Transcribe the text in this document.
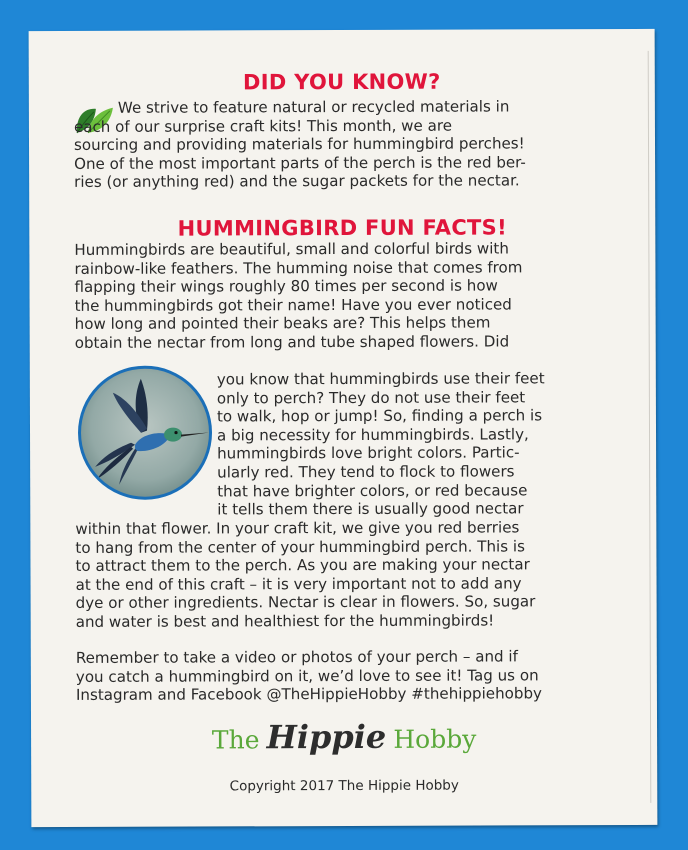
DID YOU KNOW?

We strive to feature natural or recycled materials in
each of our surprise craft kits! This month, we are
sourcing and providing materials for hummingbird perches!
One of the most important parts of the perch is the red ber-
ries (or anything red) and the sugar packets for the nectar.

HUMMINGBIRD FUN FACTS!

Hummingbirds are beautiful, small and colorful birds with
rainbow-like feathers. The humming noise that comes from
flapping their wings roughly 80 times per second is how
the hummingbirds got their name! Have you ever noticed
how long and pointed their beaks are? This helps them
obtain the nectar from long and tube shaped flowers. Did

you know that hummingbirds use their feet
only to perch? They do not use their feet
to walk, hop or jump! So, finding a perch is
a big necessity for hummingbirds. Lastly,
hummingbirds love bright colors. Partic-
ularly red. They tend to flock to flowers
that have brighter colors, or red because
it tells them there is usually good nectar

within that flower. In your craft kit, we give you red berries
to hang from the center of your hummingbird perch. This is
to attract them to the perch. As you are making your nectar
at the end of this craft – it is very important not to add any
dye or other ingredients. Nectar is clear in flowers. So, sugar
and water is best and healthiest for the hummingbirds!

Remember to take a video or photos of your perch – and if
you catch a hummingbird on it, we’d love to see it! Tag us on
Instagram and Facebook @TheHippieHobby #thehippiehobby

The Hippie Hobby
Copyright 2017 The Hippie Hobby
